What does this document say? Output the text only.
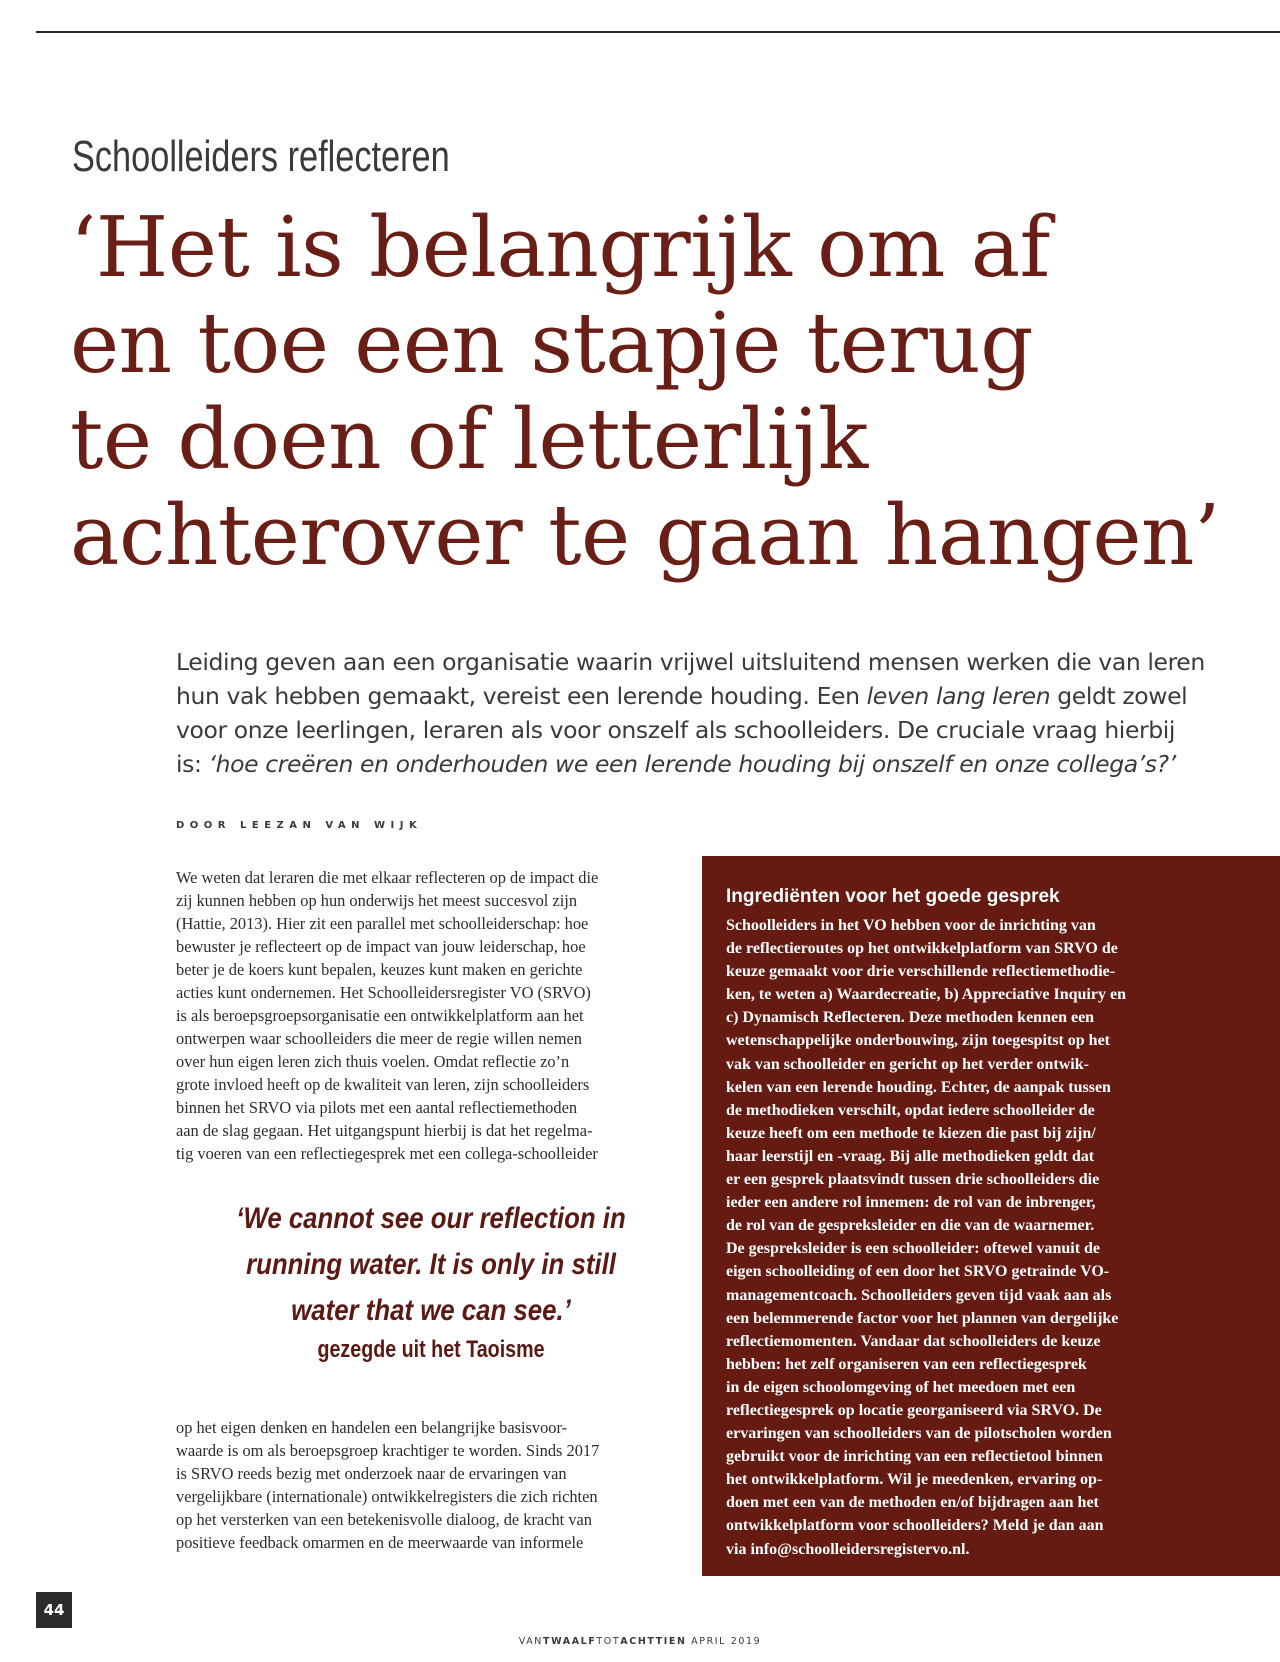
Schoolleiders reflecteren
‘Het is belangrijk om af
en toe een stapje terug
te doen of letterlijk
achterover te gaan hangen’
Leiding geven aan een organisatie waarin vrijwel uitsluitend mensen werken die van leren
hun vak hebben gemaakt, vereist een lerende houding. Een leven lang leren geldt zowel
voor onze leerlingen, leraren als voor onszelf als schoolleiders. De cruciale vraag hierbij
is: ‘hoe creëren en onderhouden we een lerende houding bij onszelf en onze collega’s?’
DOOR LEEZAN VAN WIJK
We weten dat leraren die met elkaar reflecteren op de impact die
zij kunnen hebben op hun onderwijs het meest succesvol zijn
(Hattie, 2013). Hier zit een parallel met schoolleiderschap: hoe
bewuster je reflecteert op de impact van jouw leiderschap, hoe
beter je de koers kunt bepalen, keuzes kunt maken en gerichte
acties kunt ondernemen. Het Schoolleidersregister VO (SRVO)
is als beroepsgroepsorganisatie een ontwikkelplatform aan het
ontwerpen waar schoolleiders die meer de regie willen nemen
over hun eigen leren zich thuis voelen. Omdat reflectie zo’n
grote invloed heeft op de kwaliteit van leren, zijn schoolleiders
binnen het SRVO via pilots met een aantal reflectiemethoden
aan de slag gegaan. Het uitgangspunt hierbij is dat het regelma-
tig voeren van een reflectiegesprek met een collega-schoolleider
‘We cannot see our reflection in
running water. It is only in still
water that we can see.’
gezegde uit het Taoisme
op het eigen denken en handelen een belangrijke basisvoor-
waarde is om als beroepsgroep krachtiger te worden. Sinds 2017
is SRVO reeds bezig met onderzoek naar de ervaringen van
vergelijkbare (internationale) ontwikkelregisters die zich richten
op het versterken van een betekenisvolle dialoog, de kracht van
positieve feedback omarmen en de meerwaarde van informele
Ingrediënten voor het goede gesprek
Schoolleiders in het VO hebben voor de inrichting van
de reflectieroutes op het ontwikkelplatform van SRVO de
keuze gemaakt voor drie verschillende reflectiemethodie-
ken, te weten a) Waardecreatie, b) Appreciative Inquiry en
c) Dynamisch Reflecteren. Deze methoden kennen een
wetenschappelijke onderbouwing, zijn toegespitst op het
vak van schoolleider en gericht op het verder ontwik-
kelen van een lerende houding. Echter, de aanpak tussen
de methodieken verschilt, opdat iedere schoolleider de
keuze heeft om een methode te kiezen die past bij zijn/
haar leerstijl en -vraag. Bij alle methodieken geldt dat
er een gesprek plaatsvindt tussen drie schoolleiders die
ieder een andere rol innemen: de rol van de inbrenger,
de rol van de gespreksleider en die van de waarnemer.
De gespreksleider is een schoolleider: oftewel vanuit de
eigen schoolleiding of een door het SRVO getrainde VO-
managementcoach. Schoolleiders geven tijd vaak aan als
een belemmerende factor voor het plannen van dergelijke
reflectiemomenten. Vandaar dat schoolleiders de keuze
hebben: het zelf organiseren van een reflectiegesprek
in de eigen schoolomgeving of het meedoen met een
reflectiegesprek op locatie georganiseerd via SRVO. De
ervaringen van schoolleiders van de pilotscholen worden
gebruikt voor de inrichting van een reflectietool binnen
het ontwikkelplatform. Wil je meedenken, ervaring op-
doen met een van de methoden en/of bijdragen aan het
ontwikkelplatform voor schoolleiders? Meld je dan aan
via info@schoolleidersregistervo.nl.
44
VANTWAALFTOTACHTTIEN APRIL 2019
